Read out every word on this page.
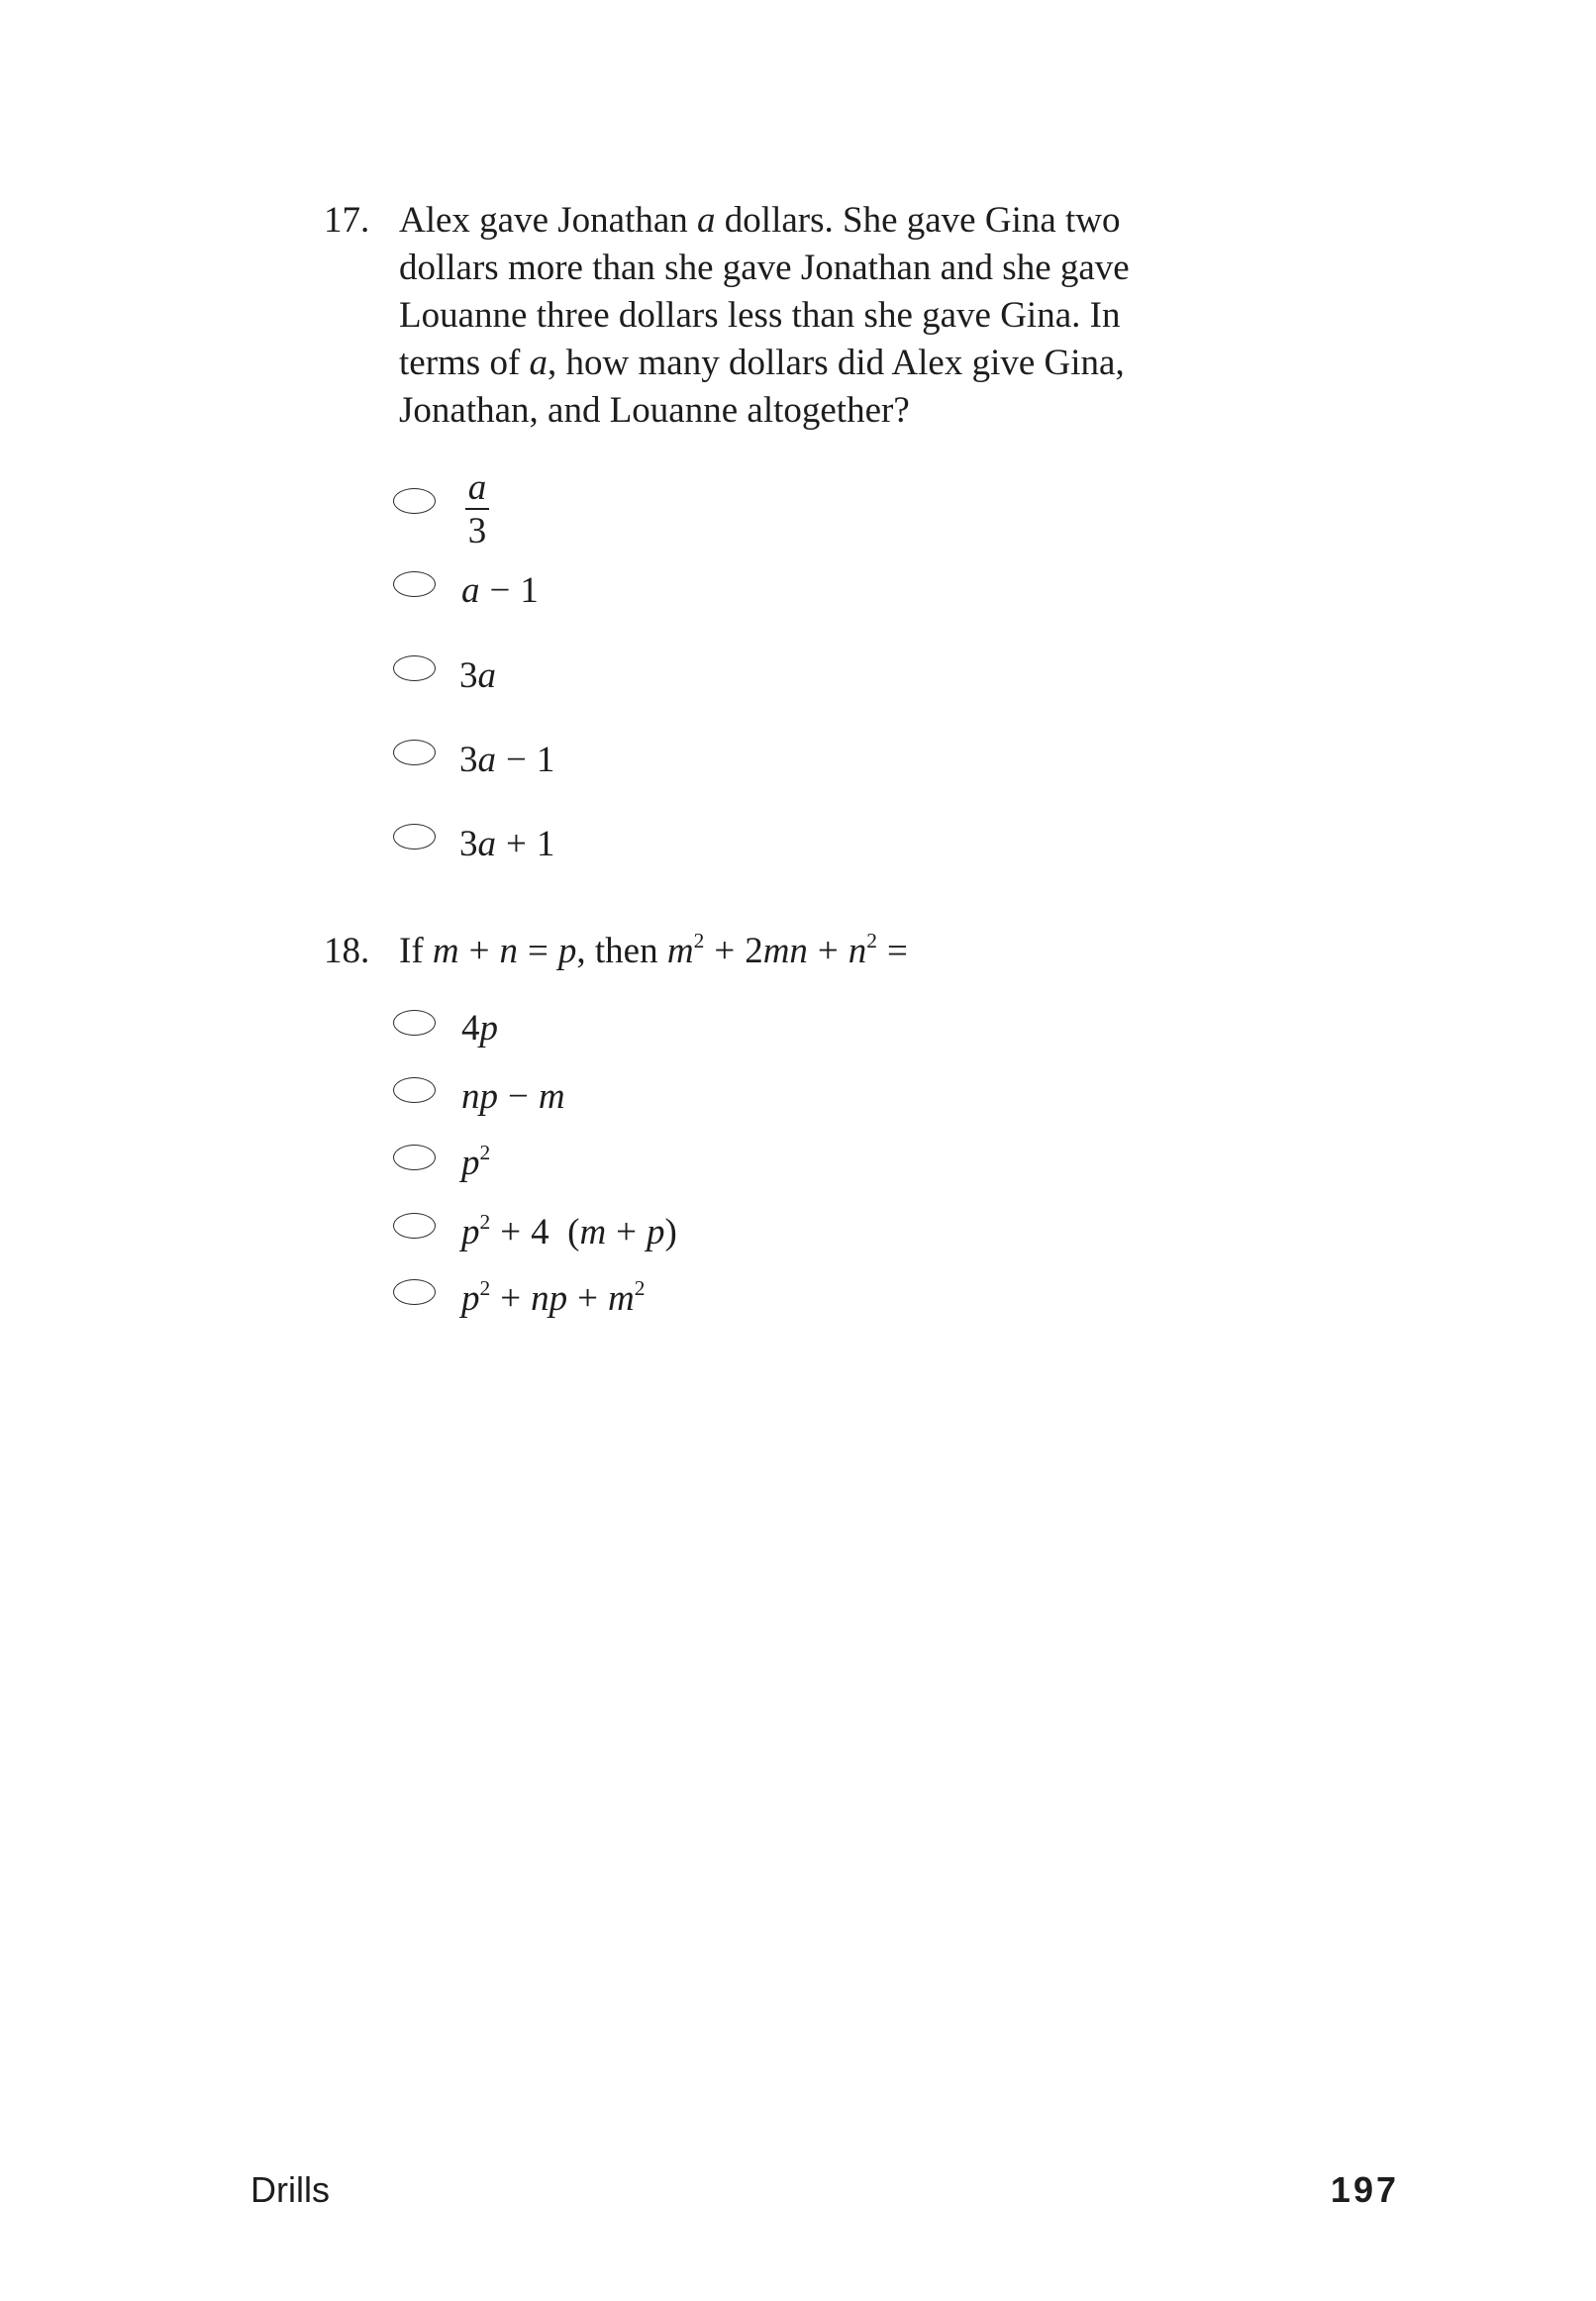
17. Alex gave Jonathan a dollars. She gave Gina two
dollars more than she gave Jonathan and she gave
Louanne three dollars less than she gave Gina. In
terms of a, how many dollars did Alex give Gina,
Jonathan, and Louanne altogether?
a
3
a − 1
3a
3a − 1
3a + 1
18. If m + n = p, then $m^2 + 2mn + n^2$ =
4p
np − m
$p^2$
$p^2 + 4$ (m + p)
$p^2$ + np + $m^2$
Drills	197
